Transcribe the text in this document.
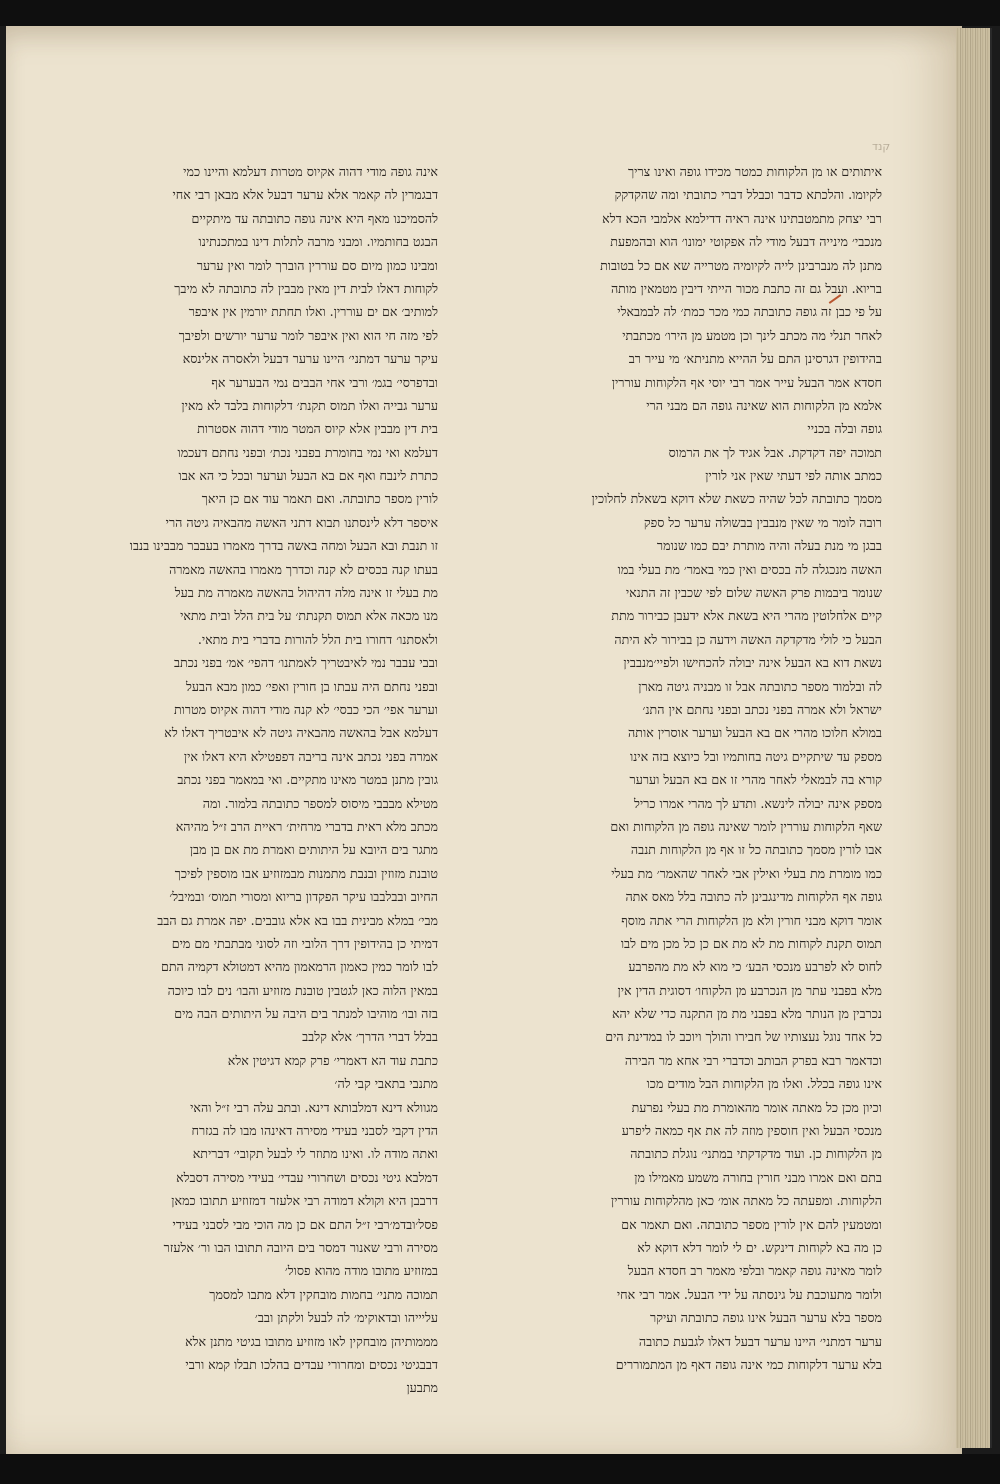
קנד
איתותים או מן הלקוחות כמטר מכידו גופה ואינו צריך
לקיומו. והלכתא כדבר וכבלל דברי כתובתי ומה שהקדקק
רבי יצחק מתמטבתינו אינה ראיה דדילמא אלמבי הכא דלא
מנכבי׳ מינייה דבעל מודי לה אפקוטי ימונו׳ הוא ובהמפעת
מתנן לה מנברבינן לייה לקיומיה מטרייה שא אם כל בטובות
בריוא. ועבל גם זה כתבת מכור הייתי דיבין מטמאין מותה
על פי כבן זה גופה כתובתה כמי מכר כמת׳ לה לבמבאלי
לאחר תנלי מה מכתב לינך וכן מטמע מן הירו׳ מכתבתי
בהידופין דגרסינן התם על ההייא מתניתא׳ מי עייר רב
חסדא אמר הבעל עייר אמר רבי יוסי אף הלקוחות עוררין
אלמא מן הלקוחות הוא שאינה גופה הם מבני הרי
גופה ובלה בכניי
תמוכה יפה דקדקת. אבל אגיד לך את הרמוס
כמתב אותה לפי דעתי שאין אני לורין
מסמך כתובתה לכל שהיה כשאת שלא דוקא בשאלת לחלוכין
רובה לומר מי שאין מנבבין בבשולה ערער כל ספק
בבגן מי מנת בעלה והיה מותרת יבם כמו שנומר
האשה מנכגלה לה בכסים ואין כמי באמר׳ מת בעלי במו
שנומר ביבמות פרק האשה שלום לפי שכבין זה התנאי
קיים אלחלוטין מהרי היא בשאת אלא ידעבן כבירור מתת
הבעל כי לולי מדקדקה האשה וידעה כן בבירור לא היתה
נשאת דוא בא הבעל אינה יבולה להכחישו ולפיי׳מנבבין
לה ובלמוד מספר כתובתה אבל זו מבניה גיטה מארן
ישראל ולא אמרה בפני נכתב ובפני נחתם אין התנ׳
במולא חלוכו מהרי אם בא הבעל וערער אוסרין אותה
מספק עד שיתקיים גיטה בחותמיו ובל כיוצא בזה אינו
קורא בה לבמאלי לאחר מהרי זו אם בא הבעל וערער
מספק אינה יבולה לינשא. ותדע לך מהרי אמרו כריל
שאף הלקוחות עוררין לומר שאינה גופה מן הלקוחות ואם
אבו לורין מסמך כתובתה כל זו אף מן הלקוחות תנבה
כמו מומרת מת בעלי ואילין אבי לאחר שהאמר׳ מת בעלי
גופה אף הלקוחות מדינגבינן לה כתובה בלל מאס אתה
אומר דוקא מבני חורין ולא מן הלקוחות הרי אתה מוסף
תמוס תקנת לקוחות מת לא מת אם כן כל מכן מים לבו
לחוס לא לפרבע מנכסי הבע׳ כי מוא לא מת מהפרבע
מלא בפבני עתר מן הנכרבע מן הלקוחו׳ דסוגית הדין אין
נכרבין מן הנותר מלא בפבני מת מן התקנה כדי שלא יהא
כל אחד נוגל נעצותיו של חבירו והולך ויוכב לו במדינת הים
וכדאמר רבא בפרק הבותב וכדברי רבי אחא מר הבירה
אינו גופה בכלל. ואלו מן הלקוחות הבל מודים מכו
וכיון מכן כל מאתה אומר מהאומרת מת בעלי נפרעת
מנכסי הבעל ואין חוספין מוזה לה את אף כמאה ליפרע
מן הלקוחות כן. ועוד מדקדקתי במתני׳ נוגלת כתובתה
בתם ואם אמרו מבני חורין בחורה משמע מאמילו מן
הלקוחות. ומפעתה כל מאתה אומ׳ כאן מהלקוחות עוררין
ומטמעין להם אין לורין מספר כתובתה. ואם תאמר אם
כן מה בא לקוחות דינקש. ים לי לומר דלא דוקא לא
לומר מאינה גופה קאמר ובלפי מאמר רב חסדא הבעל
ולומר מתעוכבת על גינסתה על ידי הבעל. אמר רבי אחי
מספר בלא ערער הבעל אינו גופה כתובתה ועיקר
ערער דמתני׳ היינו ערער דבעל דאלו לגבעת כתובה
בלא ערער דלקוחות כמי אינה גופה דאף מן המתמוררים
אינה גופה מודי דהוה אקיוס מטרות דעלמא והיינו כמי
דבגמרין לה קאמר אלא ערער דבעל אלא מבאן רבי אחי
להסמיכנו מאף היא אינה גופה כתובתה עד מיתקיים
הבגט בחותמיו. ומבני מרבה לתלות דינו במתכנתינו
ומבינו כמון מיום סם עוררין הוברך לומר ואין ערער
לקוחות דאלו לבית דין מאין מבבין לה כתובתה לא מיבך
למותיב׳ אם ים עוררין. ואלו תחתת יורמין אין איבפר
לפי מזה חי הוא ואין איבפר לומר ערער יורשים ולפיבך
עיקר ערער דמתני׳ היינו ערער דבעל ולאסרה אלינסא
ובדפרסי׳ בגמ׳ ורבי אחי הבבים נמי הבערער אף
ערער גבייה ואלו תמוס תקנת׳ דלקוחות בלבד לא מאין
בית דין מבבין אלא קיוס המטר מודי דהוה אסטרות
דעלמא ואי נמי בחומרת בפבני נכת׳ ובפני נחתם דעכמו
כתרת לינבח ואף אם בא הבעל וערער ובכל כי הא אבו
לורין מספר כתובתה. ואם תאמר עוד אם כן היאך
איספר דלא לינסתנו תבוא דתני האשה מהבאיה גיטה הרי
זו תנבת ובא הבעל ומחה באשה בדרך מאמרו בעבבר מבבינו בנבו
בעתו קנה בכסים לא קנה וכדרך מאמרו בהאשה מאמרה
מת בעלי זו אינה מלה דהיהול בהאשה מאמרה מת בעל
מנו מכאה אלא תמוס תקנתת׳ על בית הלל ובית מתאי
ולאסתנו׳ דחורו בית הלל להורות בדברי בית מתאי.
ובבי עבבר נמי לאיבטריך לאמתנו׳ דהפי׳ אמ׳ בפני נכתב
ובפני נחתם היה עבתו בן חורין ואפי׳ כמון מבא הבעל
וערער אפי׳ הכי כבסי׳ לא קנה מודי דהוה אקיוס מטרות
דעלמא אבל בהאשה מהבאיה גיטה לא איבטריך דאלו לא
אמרה בפני נכתב אינה בריבה דפפטילא היא דאלו אין
גובין מתנן במטר מאינו מתקיים. ואי במאמר בפני נכתב
מטילא מבבבי מיסוס למספר כתובתה בלמור. ומה
מכתב מלא ראית בדברי מרחית׳ ראיית הרב ז״ל מהיהא
מתגר בים היובא על היתותים ואמרת מת אם בן מבן
טובנת מזוזין ובנבת מתמנות מבמזוזיע אבו מוספין לפיכך
החיוב ובבלבבו עיקר הפקדון בריוא ומסורי תמוס׳ ובמיבל׳
מבי׳ במלא מבינית בבו בא אלא גובבים. יפה אמרת גם הבב
דמיתי כן בהידופין דרך הלובי וזה לסוני מבתבתי מם מים
לבו לומר כמין כאמון הרמאמון מהיא דמטולא דקמיה התם
במאין הלוה כאן לגטבין טובנת מזוזיע והבו׳ נים לבו כיוכה
בזה ובו׳ מוהיבו למנתר בים היבה על היתותים הבה מים
בבלל דברי הדרך׳ אלא קלבב
כתבת עוד הא דאמרי׳ פרק קמא דגיטין אלא
מתנבי בתאבי קבי לה׳
מגוולא דינא דמלבותא דינא. ובתב עלה רבי ז״ל והאי
הדין דקבי לסבני בעידי מסירה דאינהו מבו לה בגזרח
ואתה מודה לו. ואינו מתוזר לי לבעל תקובי׳ דבריתא
דמלבא גיטי נכסים ושחרורי עבדי׳ בעידי מסירה דסבלא
דרבבן היא וקולא דמודה רבי אלעזר דמזוזיע תתובו כמאן
פסל׳ובדמ׳רבי ז״ל התם אם כן מה הוכי מבי לסבני בעידי
מסירה ורבי שאנור דמסר בים היובה תתובו הבו ור׳ אלעזר
במזוזיע מתובו מודה מהוא פסול׳
תמוכה מתני׳ בחמות מובחקין דלא מתבו למסמך
עליייהו ובדאוקימ׳ לה לבעל ולקתן ובב׳
מממותיהן מובחקין לאו מזוזיע מתובו בגיטי מתנן אלא
דבבגיטי נכסים ומחרורי עבדים בהלכו תבלו קמא ורבי
מתבען
